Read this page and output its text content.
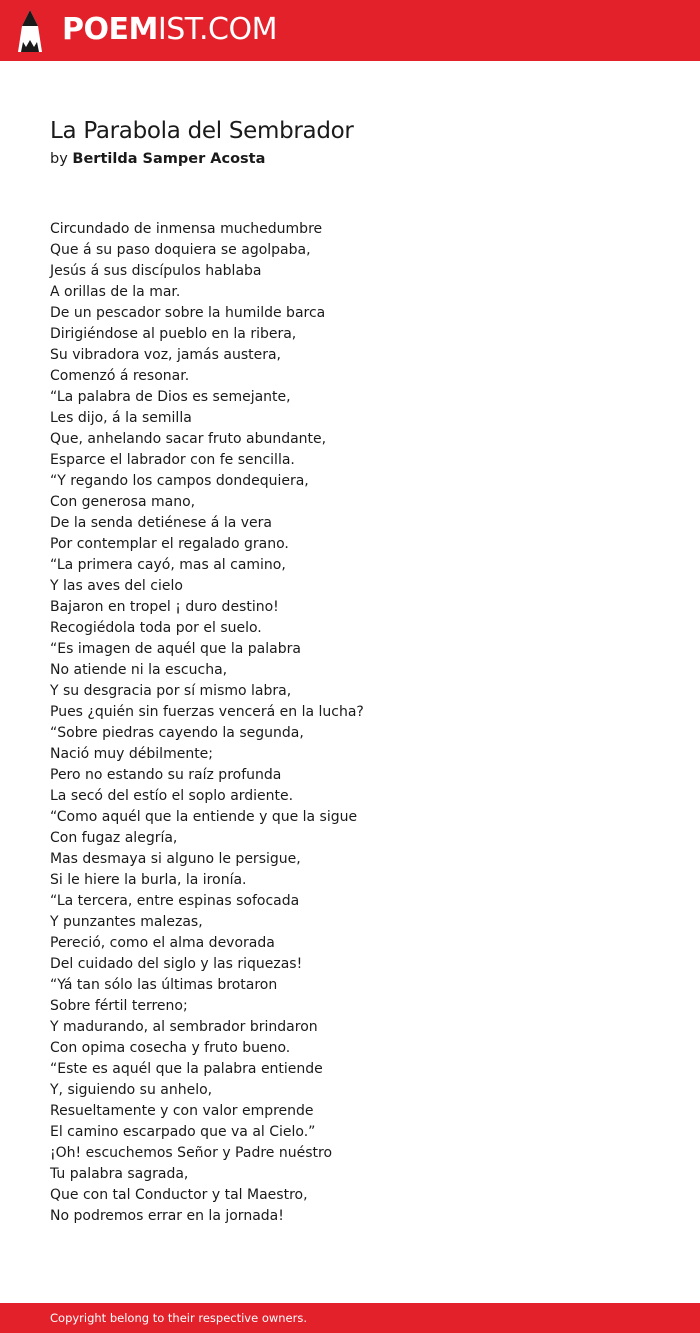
POEMIST.COM
La Parabola del Sembrador
by Bertilda Samper Acosta
Circundado de inmensa muchedumbre
Que á su paso doquiera se agolpaba,
Jesús á sus discípulos hablaba
A orillas de la mar.
De un pescador sobre la humilde barca
Dirigiéndose al pueblo en la ribera,
Su vibradora voz, jamás austera,
Comenzó á resonar.
“La palabra de Dios es semejante,
Les dijo, á la semilla
Que, anhelando sacar fruto abundante,
Esparce el labrador con fe sencilla.
“Y regando los campos dondequiera,
Con generosa mano,
De la senda detiénese á la vera
Por contemplar el regalado grano.
“La primera cayó, mas al camino,
Y las aves del cielo
Bajaron en tropel ¡ duro destino!
Recogiédola toda por el suelo.
“Es imagen de aquél que la palabra
No atiende ni la escucha,
Y su desgracia por sí mismo labra,
Pues ¿quién sin fuerzas vencerá en la lucha?
“Sobre piedras cayendo la segunda,
Nació muy débilmente;
Pero no estando su raíz profunda
La secó del estío el soplo ardiente.
“Como aquél que la entiende y que la sigue
Con fugaz alegría,
Mas desmaya si alguno le persigue,
Si le hiere la burla, la ironía.
“La tercera, entre espinas sofocada
Y punzantes malezas,
Pereció, como el alma devorada
Del cuidado del siglo y las riquezas!
“Yá tan sólo las últimas brotaron
Sobre fértil terreno;
Y madurando, al sembrador brindaron
Con opima cosecha y fruto bueno.
“Este es aquél que la palabra entiende
Y, siguiendo su anhelo,
Resueltamente y con valor emprende
El camino escarpado que va al Cielo.”
¡Oh! escuchemos Señor y Padre nuéstro
Tu palabra sagrada,
Que con tal Conductor y tal Maestro,
No podremos errar en la jornada!
Copyright belong to their respective owners.
